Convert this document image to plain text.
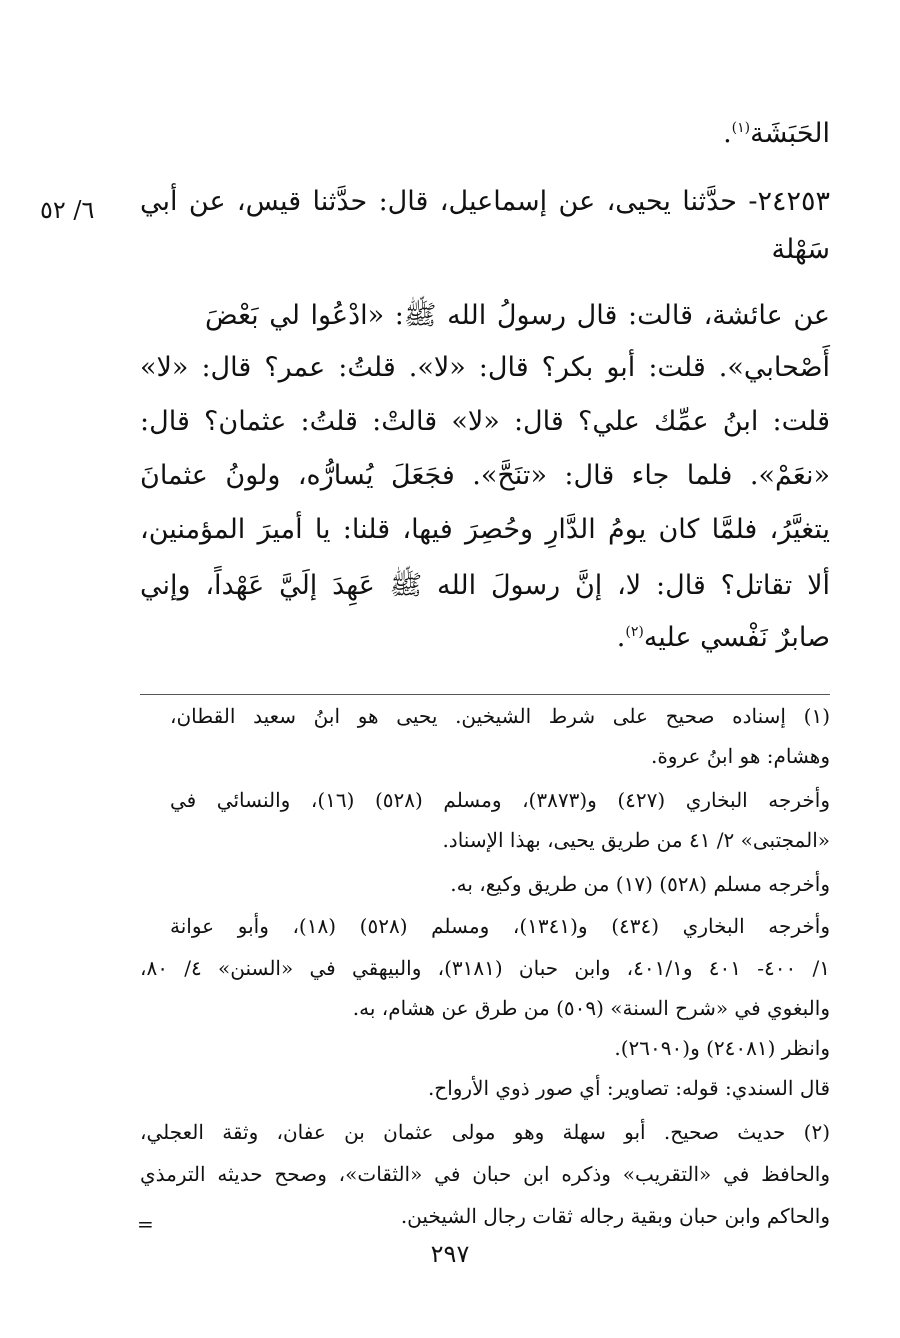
الحَبَشَة$^{(١)}$.
٢٤٢٥٣- حدَّثنا يحيى، عن إسماعيل، قال: حدَّثنا قيس، عن أبي
٦/ ٥٢
سَهْلة
عن عائشة، قالت: قال رسولُ الله ﷺ: «ادْعُوا لي بَعْضَ
أَصْحابي». قلت: أبو بكر؟ قال: «لا». قلتُ: عمر؟ قال: «لا»
قلت: ابنُ عمِّك علي؟ قال: «لا» قالتْ: قلتُ: عثمان؟ قال:
«نعَمْ». فلما جاء قال: «تنَحَّ». فجَعَلَ يُسارُّه، ولونُ عثمانَ
يتغيَّرُ، فلمَّا كان يومُ الدَّارِ وحُصِرَ فيها، قلنا: يا أميرَ المؤمنين،
ألا تقاتل؟ قال: لا، إنَّ رسولَ الله ﷺ عَهِدَ إلَيَّ عَهْداً، وإني
صابرٌ نَفْسي عليه$^{(٢)}$.
(١) إسناده صحيح على شرط الشيخين. يحيى هو ابنُ سعيد القطان،
وهشام: هو ابنُ عروة.
وأخرجه البخاري (٤٢٧) و(٣٨٧٣)، ومسلم (٥٢٨) (١٦)، والنسائي في
«المجتبى» ٢/ ٤١ من طريق يحيى، بهذا الإسناد.
وأخرجه مسلم (٥٢٨) (١٧) من طريق وكيع، به.
وأخرجه البخاري (٤٣٤) و(١٣٤١)، ومسلم (٥٢٨) (١٨)، وأبو عوانة
١/ ٤٠٠- ٤٠١ و٤٠١/١، وابن حبان (٣١٨١)، والبيهقي في «السنن» ٤/ ٨٠،
والبغوي في «شرح السنة» (٥٠٩) من طرق عن هشام، به.
وانظر (٢٤٠٨١) و(٢٦٠٩٠).
قال السندي: قوله: تصاوير: أي صور ذوي الأرواح.
(٢) حديث صحيح. أبو سهلة وهو مولى عثمان بن عفان، وثقة العجلي،
والحافظ في «التقريب» وذكره ابن حبان في «الثقات»، وصحح حديثه الترمذي
والحاكم وابن حبان وبقية رجاله ثقات رجال الشيخين.
=
٢٩٧
